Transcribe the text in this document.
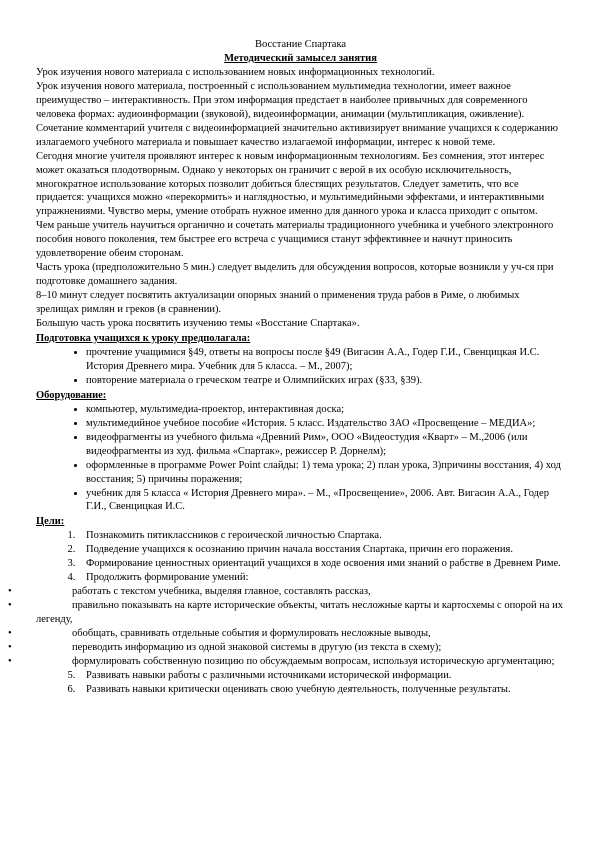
Восстание Спартака
Методический замысел занятия

Урок изучения нового материала с использованием новых информационных технологий.

Урок изучения нового материала, построенный с использованием мультимедиа технологии, имеет важное преимущество – интерактивность. При этом информация предстает в наиболее привычных для современного человека формах: аудиоинформации (звуковой), видеоинформации, анимации (мультипликация, оживление). Сочетание комментарий учителя с видеоинформацией значительно активизирует внимание учащихся к содержанию излагаемого учебного материала и повышает качество излагаемой информации, интерес к новой теме.

Сегодня многие учителя проявляют интерес к новым информационным технологиям. Без сомнения, этот интерес может оказаться плодотворным. Однако у некоторых он граничит с верой в их особую исключительность, многократное использование которых позволит добиться блестящих результатов. Следует заметить, что все придается: учащихся можно «перекормить» и наглядностью, и мультимедийными эффектами, и интерактивными упражнениями. Чувство меры, умение отобрать нужное именно для данного урока и класса приходит с опытом.

Чем раньше учитель научиться органично и сочетать материалы традиционного учебника и учебного электронного пособия нового поколения, тем быстрее его встреча с учащимися станут эффективнее и начнут приносить удовлетворение обеим сторонам.

Часть урока (предположительно 5 мин.) следует выделить для обсуждения вопросов, которые возникли у уч-ся при подготовке домашнего задания.

8–10 минут следует посвятить актуализации опорных знаний о применения труда рабов в Риме, о любимых зрелищах римлян и греков (в сравнении).

Большую часть урока посвятить изучению темы «Восстание Спартака».

Подготовка учащихся к уроку предполагала:
• прочтение учащимися §49, ответы на вопросы после §49 (Вигасин А.А., Годер Г.И., Свенцицкая И.С. История Древнего мира. Учебник для 5 класса. – М., 2007);
• повторение материала о греческом театре и Олимпийских играх (§33, §39).
Оборудование:
• компьютер, мультимедиа-проектор, интерактивная доска;
• мультимедийное учебное пособие «История. 5 класс. Издательство ЗАО «Просвещение – МЕДИА»;
• видеофрагменты из учебного фильма «Древний Рим», ООО «Видеостудия «Кварт» – М.,2006 (или видеофрагменты из худ. фильма «Спартак», режиссер Р. Дорнелм);
• оформленные в программе Power Point слайды: 1) тема урока; 2) план урока, 3)причины восстания, 4) ход восстания; 5) причины поражения;
• учебник для 5 класса « История Древнего мира». – М., «Просвещение», 2006. Авт. Вигасин А.А., Годер Г.И., Свенцицкая И.С.
Цели:
1. Познакомить пятиклассников с героической личностью Спартака.
2. Подведение учащихся к осознанию причин начала восстания Спартака, причин его поражения.
3. Формирование ценностных ориентаций учащихся в ходе освоения ими знаний о рабстве в Древнем Риме.
4. Продолжить формирование умений:
•	работать с текстом учебника, выделяя главное, составлять рассказ,
•	правильно показывать на карте исторические объекты, читать несложные карты и картосхемы с опорой на их легенду,
•	обобщать, сравнивать отдельные события и формулировать несложные выводы,
•	переводить информацию из одной знаковой системы в другую (из текста в схему);
•	формулировать собственную позицию по обсуждаемым вопросам, используя историческую аргументацию;
5. Развивать навыки работы с различными источниками исторической информации.
6. Развивать навыки критически оценивать свою учебную деятельность, полученные результаты.
